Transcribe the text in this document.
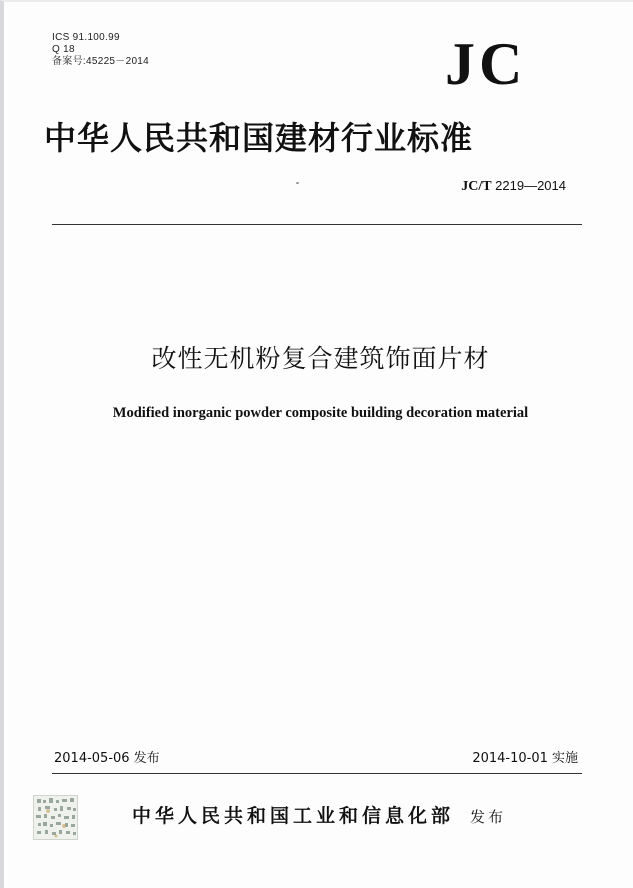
ICS 91.100.99
Q 18
备案号:45225－2014	JC
中华人民共和国建材行业标准
JC/T 2219—2014
改性无机粉复合建筑饰面片材
Modified inorganic powder composite building decoration material
2014-05-06 发布	2014-10-01 实施
中华人民共和国工业和信息化部 发布
